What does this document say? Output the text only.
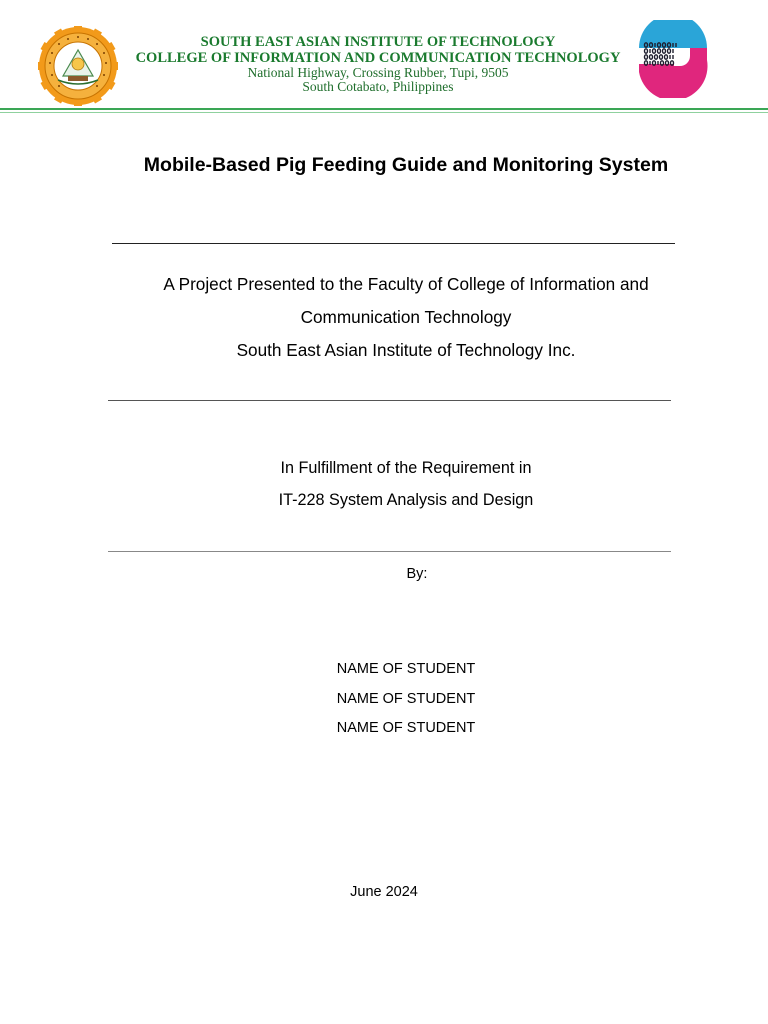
SOUTH EAST ASIAN INSTITUTE OF TECHNOLOGY
COLLEGE OF INFORMATION AND COMMUNICATION TECHNOLOGY
National Highway, Crossing Rubber, Tupi, 9505
South Cotabato, Philippines
Mobile-Based Pig Feeding Guide and Monitoring System
A Project Presented to the Faculty of College of Information and
Communication Technology
South East Asian Institute of Technology Inc.
In Fulfillment of the Requirement in
IT-228 System Analysis and Design
By:
NAME OF STUDENT
NAME OF STUDENT
NAME OF STUDENT
June 2024
